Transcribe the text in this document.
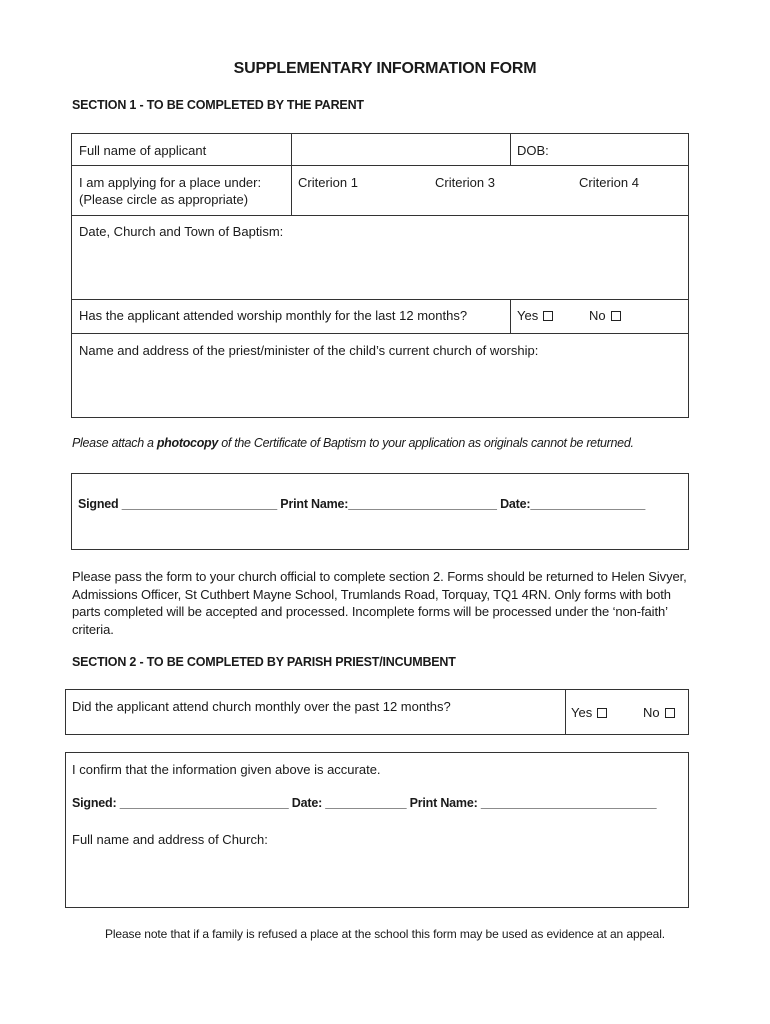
SUPPLEMENTARY INFORMATION FORM
SECTION 1 - TO BE COMPLETED BY THE PARENT
Full name of applicant	DOB:
I am applying for a place under:
(Please circle as appropriate)
Criterion 1	Criterion 3	Criterion 4
Date, Church and Town of Baptism:
Has the applicant attended worship monthly for the last 12 months?	Yes	No
Name and address of the priest/minister of the child’s current church of worship:
Please attach a photocopy of the Certificate of Baptism to your application as originals cannot be returned.
Signed _______________________ Print Name:______________________ Date:_________________
Please pass the form to your church official to complete section 2. Forms should be returned to Helen Sivyer, Admissions Officer, St Cuthbert Mayne School, Trumlands Road, Torquay, TQ1 4RN. Only forms with both parts completed will be accepted and processed. Incomplete forms will be processed under the ‘non-faith’ criteria.
SECTION 2 - TO BE COMPLETED BY PARISH PRIEST/INCUMBENT
Did the applicant attend church monthly over the past 12 months?	Yes	No
I confirm that the information given above is accurate.
Signed: _________________________ Date: ____________ Print Name: __________________________
Full name and address of Church:
Please note that if a family is refused a place at the school this form may be used as evidence at an appeal.
